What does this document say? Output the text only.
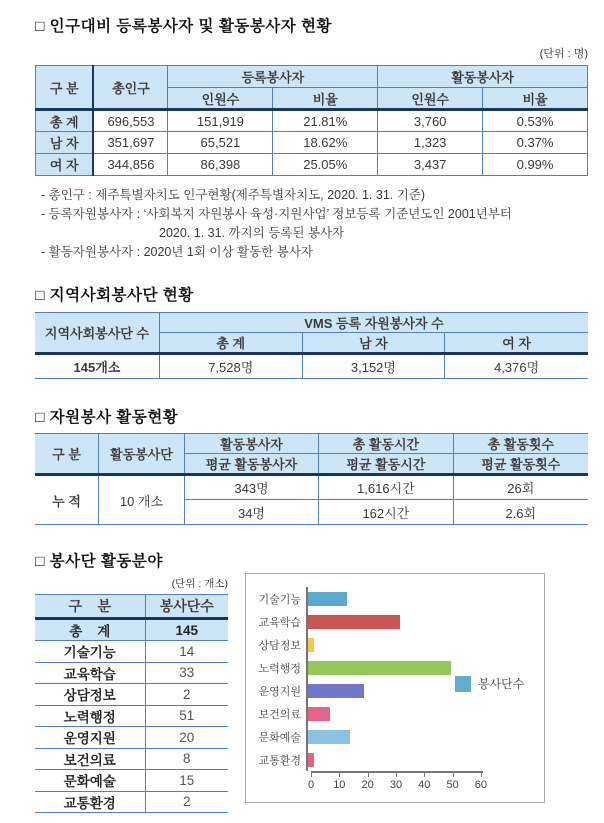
□ 인구대비 등록봉사자 및 활동봉사자 현황
(단위 : 명)
구 분	총인구	등록봉사자		활동봉사자	
		인원수	비율	인원수	비율
총 계	696,553	151,919	21.81%	3,760	0.53%
남 자	351,697	65,521	18.62%	1,323	0.37%
여 자	344,856	86,398	25.05%	3,437	0.99%
- 총인구 : 제주특별자치도 인구현황(제주특별자치도, 2020. 1. 31. 기준)
- 등록자원봉사자 : ‘사회복지 자원봉사 육성·지원사업’ 정보등록 기준년도인 2001년부터
2020. 1. 31. 까지의 등록된 봉사자
- 활동자원봉사자 : 2020년 1회 이상 활동한 봉사자
□ 지역사회봉사단 현황
지역사회봉사단 수	VMS 등록 자원봉사자 수		
	총 계	남 자	여 자
145개소	7,528명	3,152명	4,376명
□ 자원봉사 활동현황
구 분	활동봉사단	활동봉사자	총 활동시간	총 활동횟수
		평균 활동봉사자	평균 활동시간	평균 활동횟수
누 적	10 개소	343명	1,616시간	26회
		34명	162시간	2.6회
□ 봉사단 활동분야
(단위 : 개소)
구    분	봉사단수
총    계	145
기술기능	14
교육학습	33
상담정보	2
노력행정	51
운영지원	20
보건의료	8
문화예술	15
교통환경	2
기술기능
교육학습
상담정보
노력행정
운영지원
보건의료
문화예술
교통환경
0 10 20 30 40 50 60
봉사단수
